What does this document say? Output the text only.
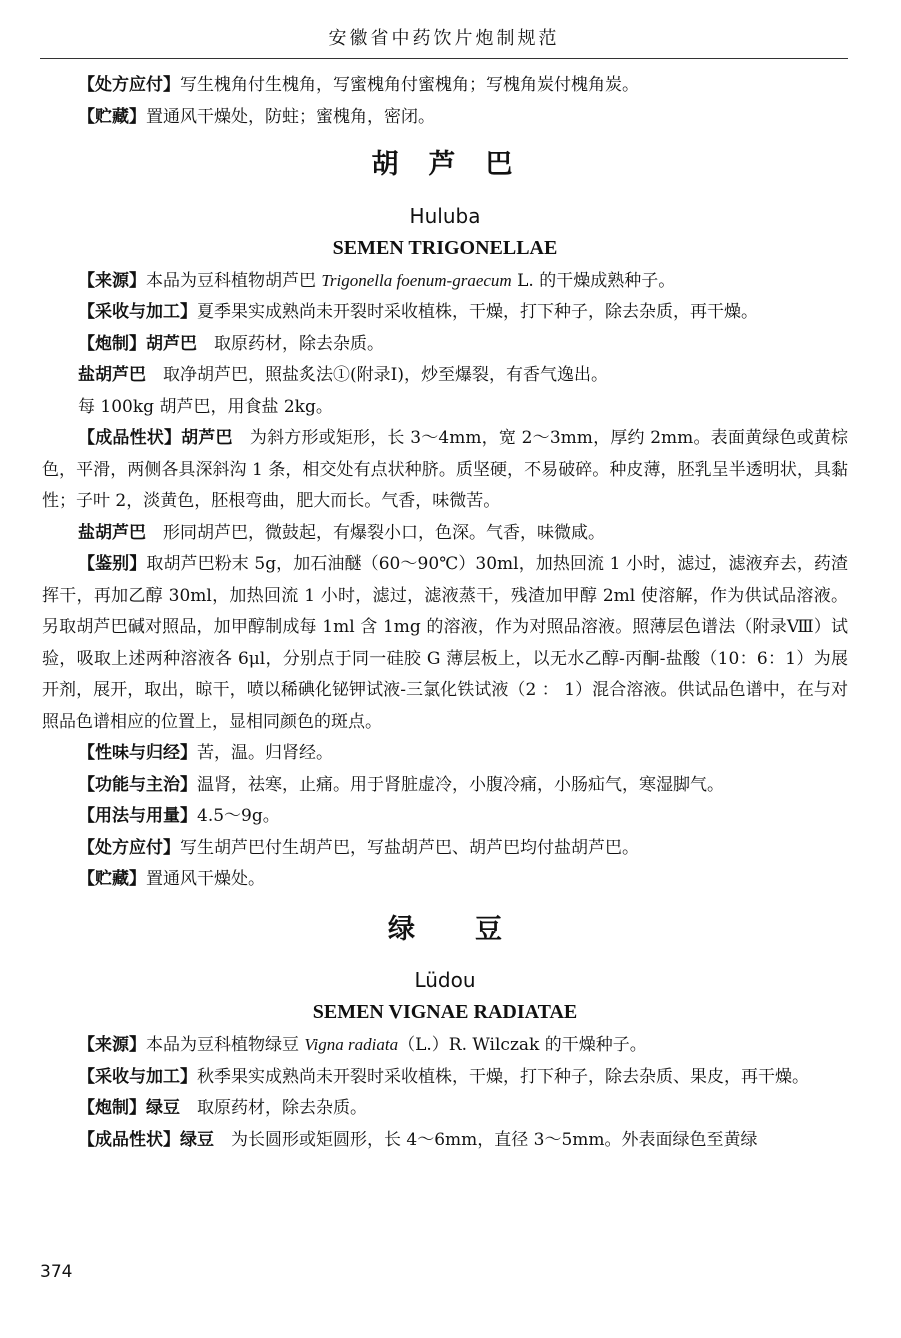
安徽省中药饮片炮制规范

【处方应付】写生槐角付生槐角，写蜜槐角付蜜槐角；写槐角炭付槐角炭。

【贮藏】置通风干燥处，防蛀；蜜槐角，密闭。

胡芦巴
Huluba
SEMEN TRIGONELLAE

【来源】本品为豆科植物胡芦巴 Trigonella foenum-graecum L. 的干燥成熟种子。

【采收与加工】夏季果实成熟尚未开裂时采收植株，干燥，打下种子，除去杂质，再干燥。

【炮制】胡芦巴　取原药材，除去杂质。

盐胡芦巴　取净胡芦巴，照盐炙法①(附录Ⅰ)，炒至爆裂，有香气逸出。

每 100kg 胡芦巴，用食盐 2kg。

【成品性状】胡芦巴　为斜方形或矩形，长 3～4mm，宽 2～3mm，厚约 2mm。表面黄绿色或黄棕色，平滑，两侧各具深斜沟 1 条，相交处有点状种脐。质坚硬，不易破碎。种皮薄，胚乳呈半透明状，具黏性；子叶 2，淡黄色，胚根弯曲，肥大而长。气香，味微苦。

盐胡芦巴　形同胡芦巴，微鼓起，有爆裂小口，色深。气香，味微咸。

【鉴别】取胡芦巴粉末 5g，加石油醚（60～90℃）30ml，加热回流 1 小时，滤过，滤液弃去，药渣挥干，再加乙醇 30ml，加热回流 1 小时，滤过，滤液蒸干，残渣加甲醇 2ml 使溶解，作为供试品溶液。另取胡芦巴碱对照品，加甲醇制成每 1ml 含 1mg 的溶液，作为对照品溶液。照薄层色谱法（附录Ⅷ）试验，吸取上述两种溶液各 6μl，分别点于同一硅胶 G 薄层板上，以无水乙醇-丙酮-盐酸（10：6：1）为展开剂，展开，取出，晾干，喷以稀碘化铋钾试液-三氯化铁试液（2 ： 1）混合溶液。供试品色谱中，在与对照品色谱相应的位置上，显相同颜色的斑点。

【性味与归经】苦，温。归肾经。

【功能与主治】温肾，祛寒，止痛。用于肾脏虚冷，小腹冷痛，小肠疝气，寒湿脚气。

【用法与用量】4.5～9g。

【处方应付】写生胡芦巴付生胡芦巴，写盐胡芦巴、胡芦巴均付盐胡芦巴。

【贮藏】置通风干燥处。

绿豆
Lüdou
SEMEN VIGNAE RADIATAE

【来源】本品为豆科植物绿豆 Vigna radiata（L.）R. Wilczak 的干燥种子。

【采收与加工】秋季果实成熟尚未开裂时采收植株，干燥，打下种子，除去杂质、果皮，再干燥。

【炮制】绿豆　取原药材，除去杂质。

【成品性状】绿豆　为长圆形或矩圆形，长 4～6mm，直径 3～5mm。外表面绿色至黄绿

374
